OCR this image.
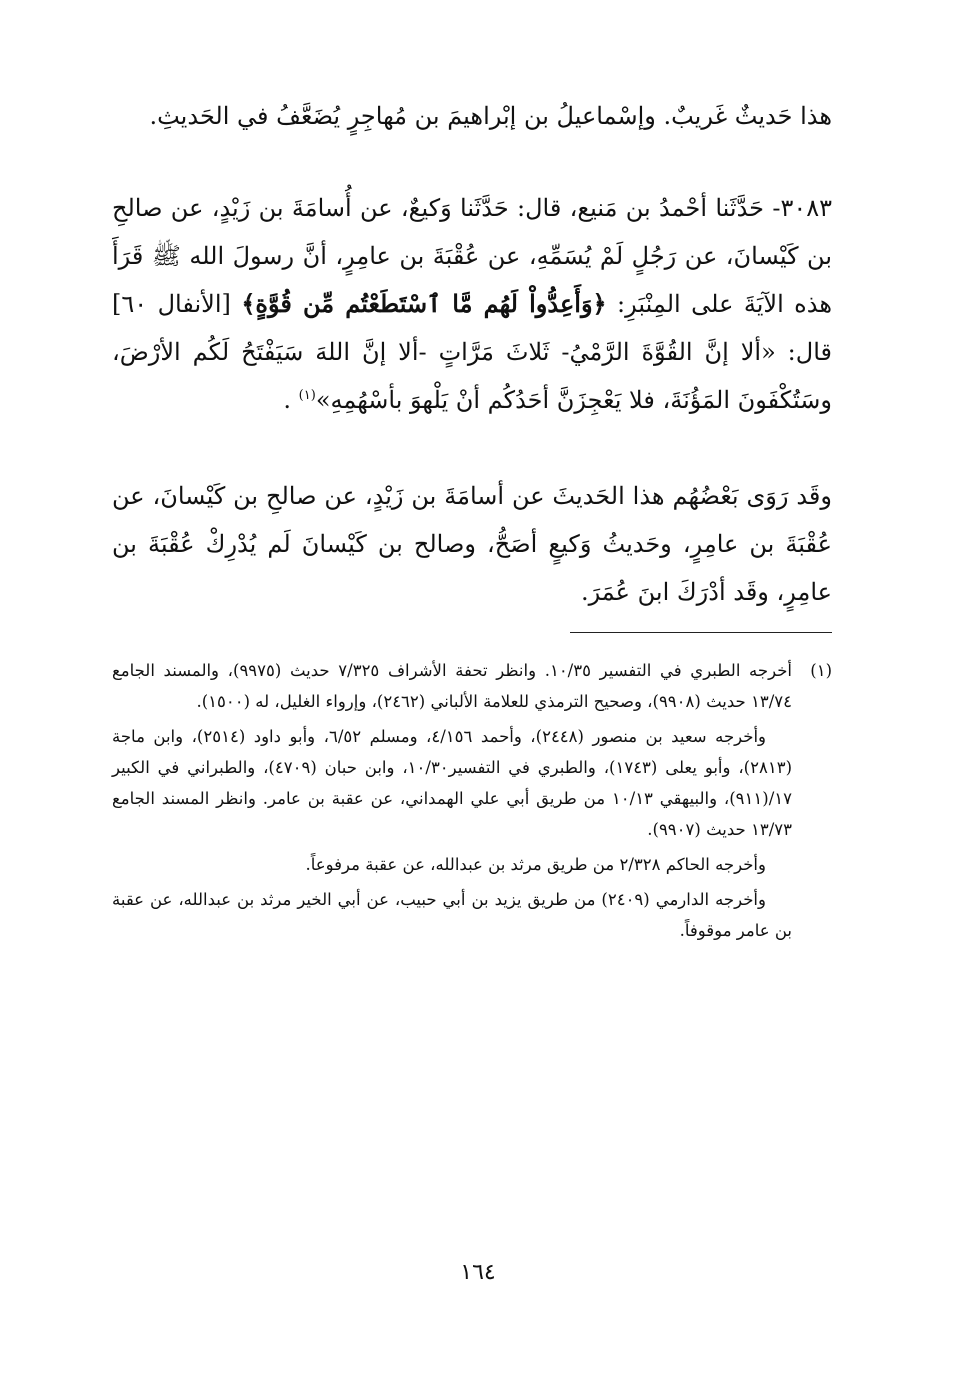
هذا حَديثٌ غَريبٌ. وإسْماعيلُ بن إبْراهيمَ بن مُهاجِرٍ يُضَعَّفُ في الحَديثِ.

٣٠٨٣- حَدَّثَنا أحْمدُ بن مَنيع، قال: حَدَّثَنا وَكيعٌ، عن أُسامَةَ بن زَيْدٍ، عن صالحِ بن كَيْسانَ، عن رَجُلٍ لَمْ يُسَمِّهِ، عن عُقْبَةَ بن عامِرٍ، أنَّ رسولَ الله ﷺ قَرَأَ هذه الآيَةَ على المِنْبَرِ: ﴿وَأَعِدُّواْ لَهُم مَّا ٱسْتَطَعْتُم مِّن قُوَّةٍ﴾ [الأنفال ٦٠] قال: «ألا إنَّ القُوَّةَ الرَّمْيُ- ثَلاثَ مَرَّاتٍ -ألا إنَّ اللهَ سَيَفْتَحُ لَكُم الأرْضَ، وسَتُكْفَونَ المَؤُنَةَ، فلا يَعْجِزَنَّ أحَدُكُم أنْ يَلْهوَ بأسْهُمِهِ»$^{(١)}$ .

وقَد رَوَى بَعْضُهُم هذا الحَديثَ عن أسامَةَ بن زَيْدٍ، عن صالحِ بن كَيْسانَ، عن عُقْبَةَ بن عامِرٍ، وحَديثُ وَكيعٍ أصَحُّ، وصالح بن كَيْسانَ لَم يُدْرِكْ عُقْبَةَ بن عامِرٍ، وقَد أدْرَكَ ابنَ عُمَرَ.

(١)

أخرجه الطبري في التفسير ١٠/٣٥. وانظر تحفة الأشراف ٧/٣٢٥ حديث (٩٩٧٥)، والمسند الجامع ١٣/٧٤ حديث (٩٩٠٨)، وصحيح الترمذي للعلامة الألباني (٢٤٦٢)، وإرواء الغليل، له (١٥٠٠).

وأخرجه سعيد بن منصور (٢٤٤٨)، وأحمد ٤/١٥٦، ومسلم ٦/٥٢، وأبو داود (٢٥١٤)، وابن ماجة (٢٨١٣)، وأبو يعلى (١٧٤٣)، والطبري في التفسير١٠/٣٠، وابن حبان (٤٧٠٩)، والطبراني في الكبير ١٧/(٩١١)، والبيهقي ١٠/١٣ من طريق أبي علي الهمداني، عن عقبة بن عامر. وانظر المسند الجامع ١٣/٧٣ حديث (٩٩٠٧).

وأخرجه الحاكم ٢/٣٢٨ من طريق مرثد بن عبدالله، عن عقبة مرفوعاً.

وأخرجه الدارمي (٢٤٠٩) من طريق يزيد بن أبي حبيب، عن أبي الخير مرثد بن عبدالله، عن عقبة بن عامر موقوفاً.

١٦٤
